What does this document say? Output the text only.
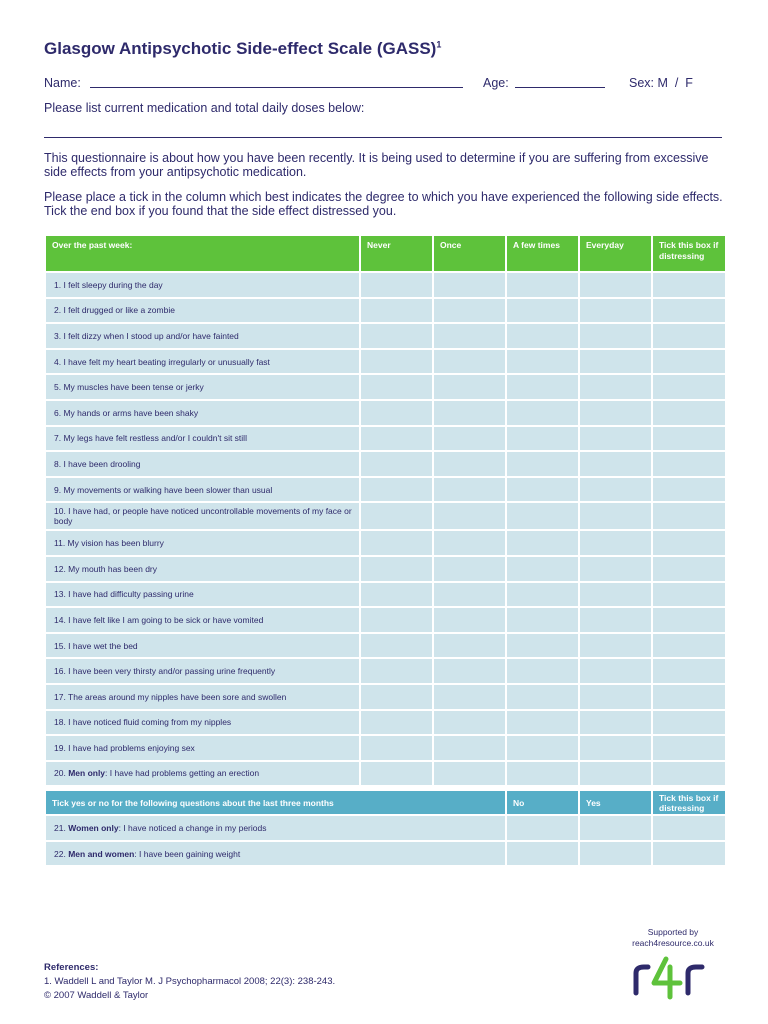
Glasgow Antipsychotic Side-effect Scale (GASS)$^1$
Name:	Age:	Sex: M  /  F
Please list current medication and total daily doses below:
This questionnaire is about how you have been recently. It is being used to determine if you are suffering from excessive side effects from your antipsychotic medication.
Please place a tick in the column which best indicates the degree to which you have experienced the following side effects. Tick the end box if you found that the side effect distressed you.
Over the past week:	Never	Once	A few times	Everyday	Tick this box if distressing
1. I felt sleepy during the day					
2. I felt drugged or like a zombie					
3. I felt dizzy when I stood up and/or have fainted					
4. I have felt my heart beating irregularly or unusually fast					
5. My muscles have been tense or jerky					
6. My hands or arms have been shaky					
7. My legs have felt restless and/or I couldn't sit still					
8. I have been drooling					
9. My movements or walking have been slower than usual					
10. I have had, or people have noticed uncontrollable movements of my face or body					
11. My vision has been blurry					
12. My mouth has been dry					
13. I have had difficulty passing urine					
14. I have felt like I am going to be sick or have vomited					
15. I have wet the bed					
16. I have been very thirsty and/or passing urine frequently					
17. The areas around my nipples have been sore and swollen					
18. I have noticed fluid coming from my nipples					
19. I have had problems enjoying sex					
20. Men only: I have had problems getting an erection					

Tick yes or no for the following questions about the last three months			No	Yes	Tick this box if distressing
21. Women only: I have noticed a change in my periods					
22. Men and women: I have been gaining weight					
Supported by
reach4resource.co.uk
r4r
References:
1. Waddell L and Taylor M. J Psychopharmacol 2008; 22(3): 238-243.
© 2007 Waddell & Taylor
